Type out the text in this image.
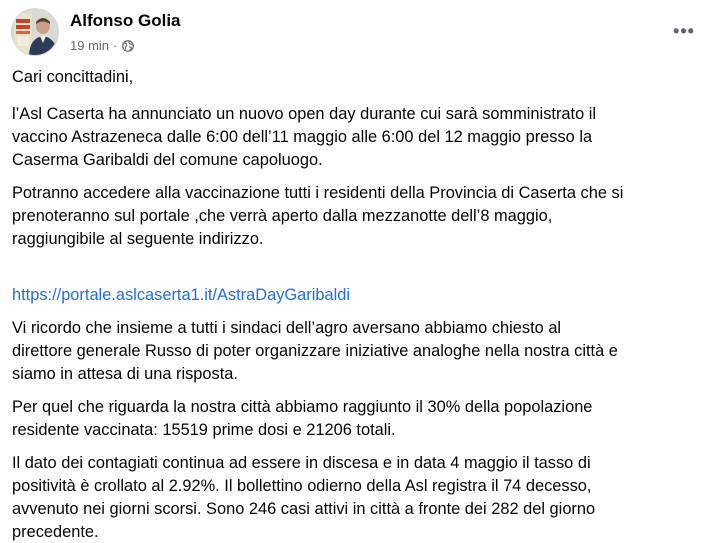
Alfonso Golia
19 min ·
•••

Cari concittadini,

l’Asl Caserta ha annunciato un nuovo open day durante cui sarà somministrato il
vaccino Astrazeneca dalle 6:00 dell’11 maggio alle 6:00 del 12 maggio presso la
Caserma Garibaldi del comune capoluogo.

Potranno accedere alla vaccinazione tutti i residenti della Provincia di Caserta che si
prenoteranno sul portale ,che verrà aperto dalla mezzanotte dell’8 maggio,
raggiungibile al seguente indirizzo.

https://portale.aslcaserta1.it/AstraDayGaribaldi

Vi ricordo che insieme a tutti i sindaci dell’agro aversano abbiamo chiesto al
direttore generale Russo di poter organizzare iniziative analoghe nella nostra città e
siamo in attesa di una risposta.

Per quel che riguarda la nostra città abbiamo raggiunto il 30% della popolazione
residente vaccinata: 15519 prime dosi e 21206 totali.

Il dato dei contagiati continua ad essere in discesa e in data 4 maggio il tasso di
positività è crollato al 2.92%. Il bollettino odierno della Asl registra il 74 decesso,
avvenuto nei giorni scorsi. Sono 246 casi attivi in città a fronte dei 282 del giorno
precedente.
